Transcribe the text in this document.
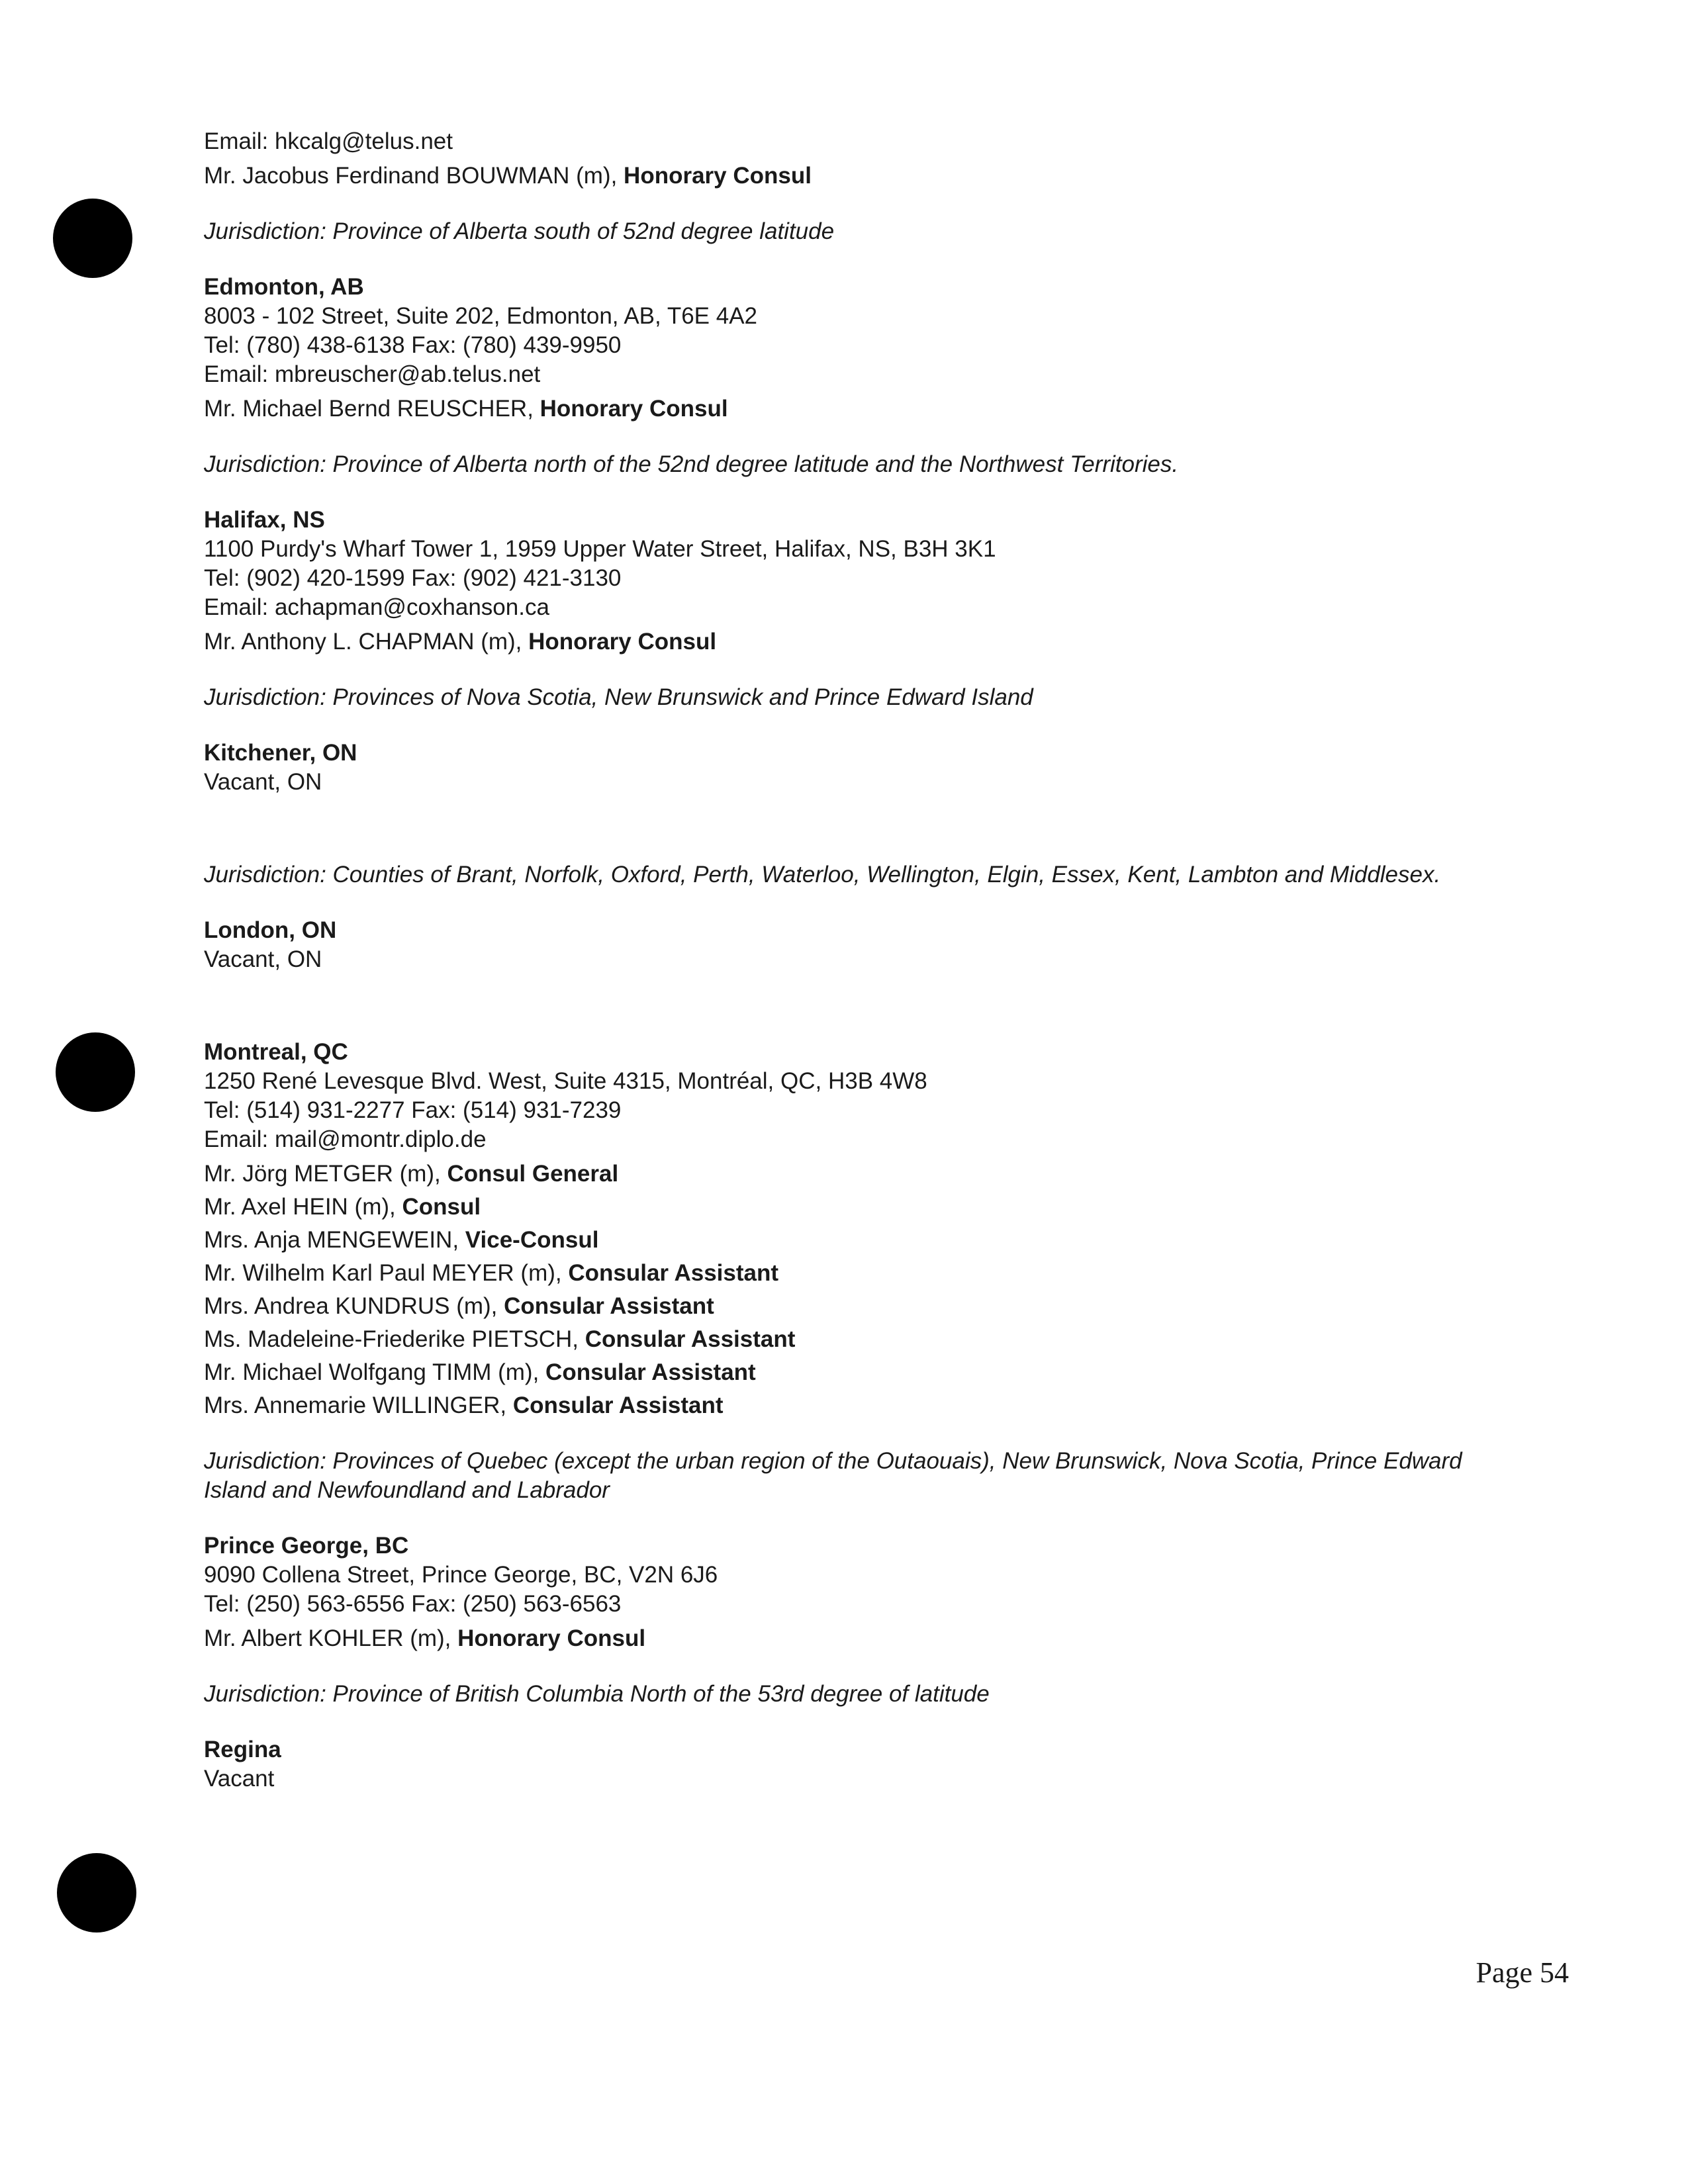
Email: hkcalg@telus.net
Mr. Jacobus Ferdinand BOUWMAN (m), Honorary Consul
Jurisdiction: Province of Alberta south of 52nd degree latitude
Edmonton, AB
8003 - 102 Street, Suite 202, Edmonton, AB, T6E 4A2
Tel: (780) 438-6138 Fax: (780) 439-9950
Email: mbreuscher@ab.telus.net
Mr. Michael Bernd REUSCHER, Honorary Consul
Jurisdiction: Province of Alberta north of the 52nd degree latitude and the Northwest Territories.
Halifax, NS
1100 Purdy's Wharf Tower 1, 1959 Upper Water Street, Halifax, NS, B3H 3K1
Tel: (902) 420-1599 Fax: (902) 421-3130
Email: achapman@coxhanson.ca
Mr. Anthony L. CHAPMAN (m), Honorary Consul
Jurisdiction: Provinces of Nova Scotia, New Brunswick and Prince Edward Island
Kitchener, ON
Vacant, ON
Jurisdiction: Counties of Brant, Norfolk, Oxford, Perth, Waterloo, Wellington, Elgin, Essex, Kent, Lambton and Middlesex.
London, ON
Vacant, ON
Montreal, QC
1250 René Levesque Blvd. West, Suite 4315, Montréal, QC, H3B 4W8
Tel: (514) 931-2277 Fax: (514) 931-7239
Email: mail@montr.diplo.de
Mr. Jörg METGER (m), Consul General
Mr. Axel HEIN (m), Consul
Mrs. Anja MENGEWEIN, Vice-Consul
Mr. Wilhelm Karl Paul MEYER (m), Consular Assistant
Mrs. Andrea KUNDRUS (m), Consular Assistant
Ms. Madeleine-Friederike PIETSCH, Consular Assistant
Mr. Michael Wolfgang TIMM (m), Consular Assistant
Mrs. Annemarie WILLINGER, Consular Assistant
Jurisdiction: Provinces of Quebec (except the urban region of the Outaouais), New Brunswick, Nova Scotia, Prince Edward Island and Newfoundland and Labrador
Prince George, BC
9090 Collena Street, Prince George, BC, V2N 6J6
Tel: (250) 563-6556 Fax: (250) 563-6563
Mr. Albert KOHLER (m), Honorary Consul
Jurisdiction: Province of British Columbia North of the 53rd degree of latitude
Regina
Vacant
Page 54
